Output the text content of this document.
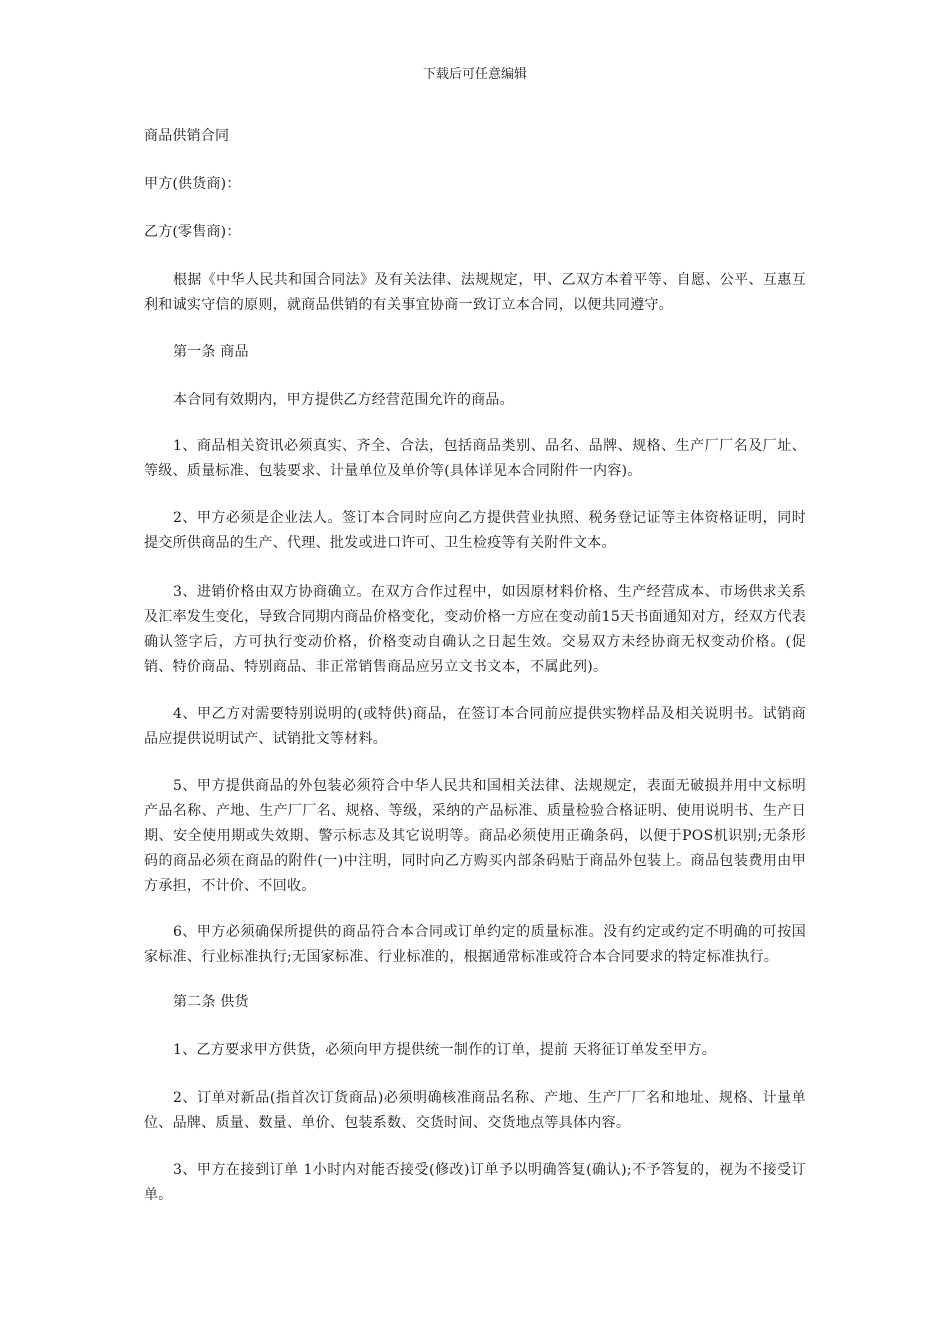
下载后可任意编辑
商品供销合同
甲方(供货商)：
乙方(零售商)：
根据《中华人民共和国合同法》及有关法律、法规规定，甲、乙双方本着平等、自愿、公平、互惠互利和诚实守信的原则，就商品供销的有关事宜协商一致订立本合同，以便共同遵守。
第一条 商品
本合同有效期内，甲方提供乙方经营范围允许的商品。
1、商品相关资讯必须真实、齐全、合法，包括商品类别、品名、品牌、规格、生产厂厂名及厂址、等级、质量标准、包装要求、计量单位及单价等(具体详见本合同附件一内容)。
2、甲方必须是企业法人。签订本合同时应向乙方提供营业执照、税务登记证等主体资格证明，同时提交所供商品的生产、代理、批发或进口许可、卫生检疫等有关附件文本。
3、进销价格由双方协商确立。在双方合作过程中，如因原材料价格、生产经营成本、市场供求关系及汇率发生变化，导致合同期内商品价格变化，变动价格一方应在变动前15天书面通知对方，经双方代表确认签字后，方可执行变动价格，价格变动自确认之日起生效。交易双方未经协商无权变动价格。(促销、特价商品、特别商品、非正常销售商品应另立文书文本，不属此列)。
4、甲乙方对需要特别说明的(或特供)商品，在签订本合同前应提供实物样品及相关说明书。试销商品应提供说明试产、试销批文等材料。
5、甲方提供商品的外包装必须符合中华人民共和国相关法律、法规规定，表面无破损并用中文标明产品名称、产地、生产厂厂名、规格、等级，采纳的产品标准、质量检验合格证明、使用说明书、生产日期、安全使用期或失效期、警示标志及其它说明等。商品必须使用正确条码，以便于POS机识别;无条形码的商品必须在商品的附件(一)中注明，同时向乙方购买内部条码贴于商品外包装上。商品包装费用由甲方承担，不计价、不回收。
6、甲方必须确保所提供的商品符合本合同或订单约定的质量标准。没有约定或约定不明确的可按国家标准、行业标准执行;无国家标准、行业标准的，根据通常标准或符合本合同要求的特定标准执行。
第二条 供货
1、乙方要求甲方供货，必须向甲方提供统一制作的订单，提前 天将征订单发至甲方。
2、订单对新品(指首次订货商品)必须明确核准商品名称、产地、生产厂厂名和地址、规格、计量单位、品牌、质量、数量、单价、包装系数、交货时间、交货地点等具体内容。
3、甲方在接到订单 1小时内对能否接受(修改)订单予以明确答复(确认);不予答复的，视为不接受订单。
